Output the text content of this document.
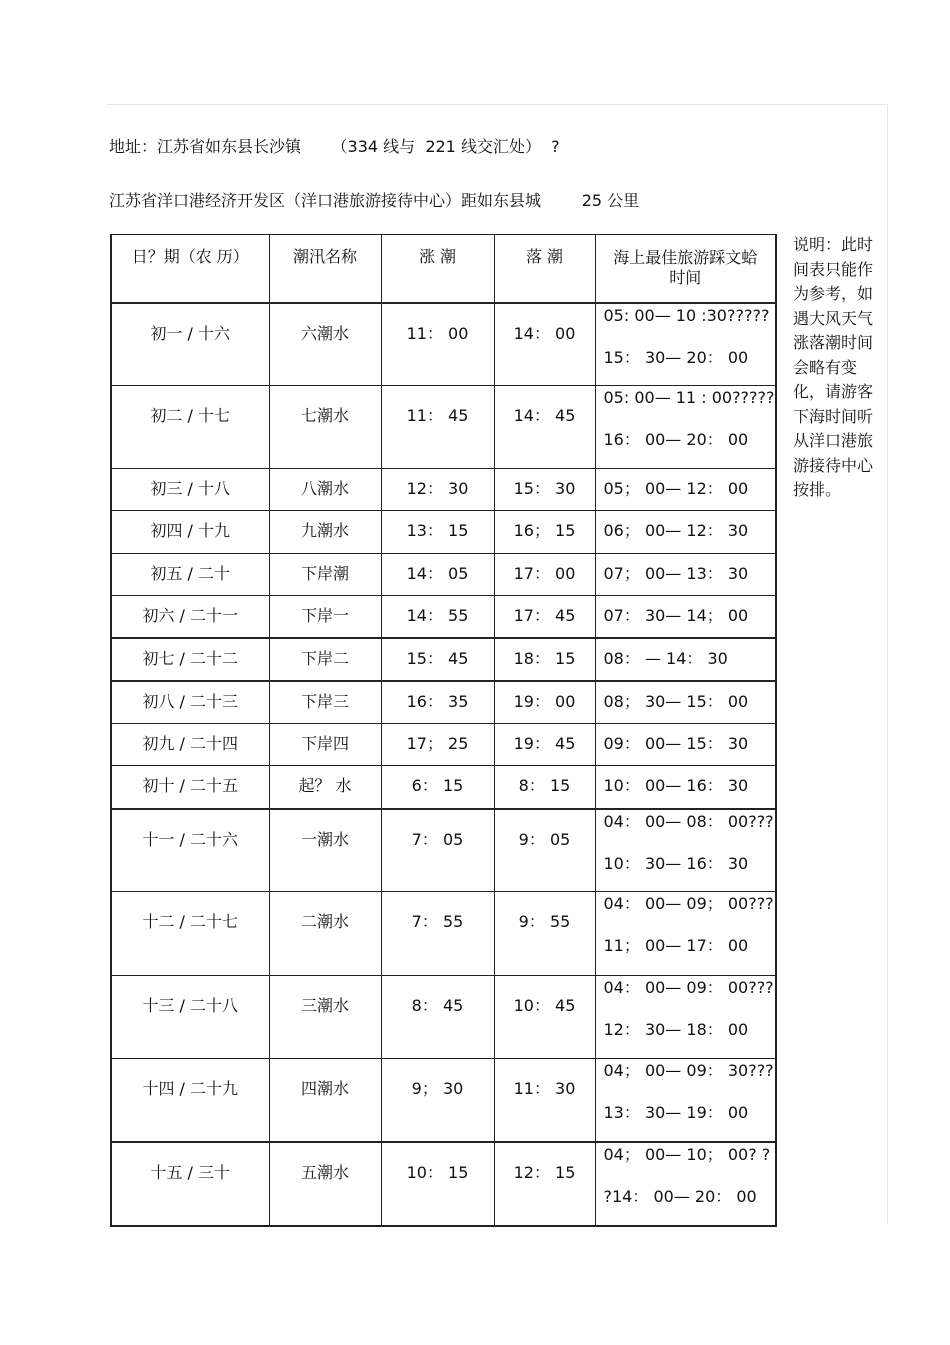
地址：江苏省如东县长沙镇      （334 线与  221 线交汇处）  ?
江苏省洋口港经济开发区（洋口港旅游接待中心）距如东县城        25 公里
日？期（农 历）	潮汛名称	涨 潮	落 潮	海上最佳旅游踩文蛤时间

初一 / 十六	六潮水	11： 00	14： 00	05: 00— 10 :30?????
15： 30— 20： 00

初二 / 十七	七潮水	11： 45	14： 45	05: 00— 11 : 00?????
16： 00— 20： 00

初三 / 十八	八潮水	12： 30	15： 30	05； 00— 12： 00
初四 / 十九	九潮水	13： 15	16； 15	06； 00— 12： 30
初五 / 二十	下岸潮	14： 05	17： 00	07； 00— 13： 30
初六 / 二十一	下岸一	14： 55	17： 45	07： 30— 14； 00
初七 / 二十二	下岸二	15： 45	18： 15	08： — 14： 30
初八 / 二十三	下岸三	16： 35	19： 00	08； 30— 15： 00
初九 / 二十四	下岸四	17； 25	19： 45	09： 00— 15： 30
初十 / 二十五	起？ 水	6： 15	8： 15	10： 00— 16： 30
十一 / 二十六	一潮水	7： 05	9： 05	04： 00— 08： 00???
10： 30— 16： 30

十二 / 二十七	二潮水	7： 55	9： 55	04： 00— 09； 00???
11； 00— 17： 00

十三 / 二十八	三潮水	8： 45	10： 45	04： 00— 09： 00???
12： 30— 18： 00

十四 / 二十九	四潮水	9； 30	11： 30	04； 00— 09： 30???
13： 30— 19： 00

十五 / 三十	五潮水	10： 15	12： 15	04； 00— 10； 00? ?
?14： 00— 20： 00
说明：此时间表只能作为参考，如遇大风天气涨落潮时间会略有变化，请游客下海时间听从洋口港旅游接待中心按排。
